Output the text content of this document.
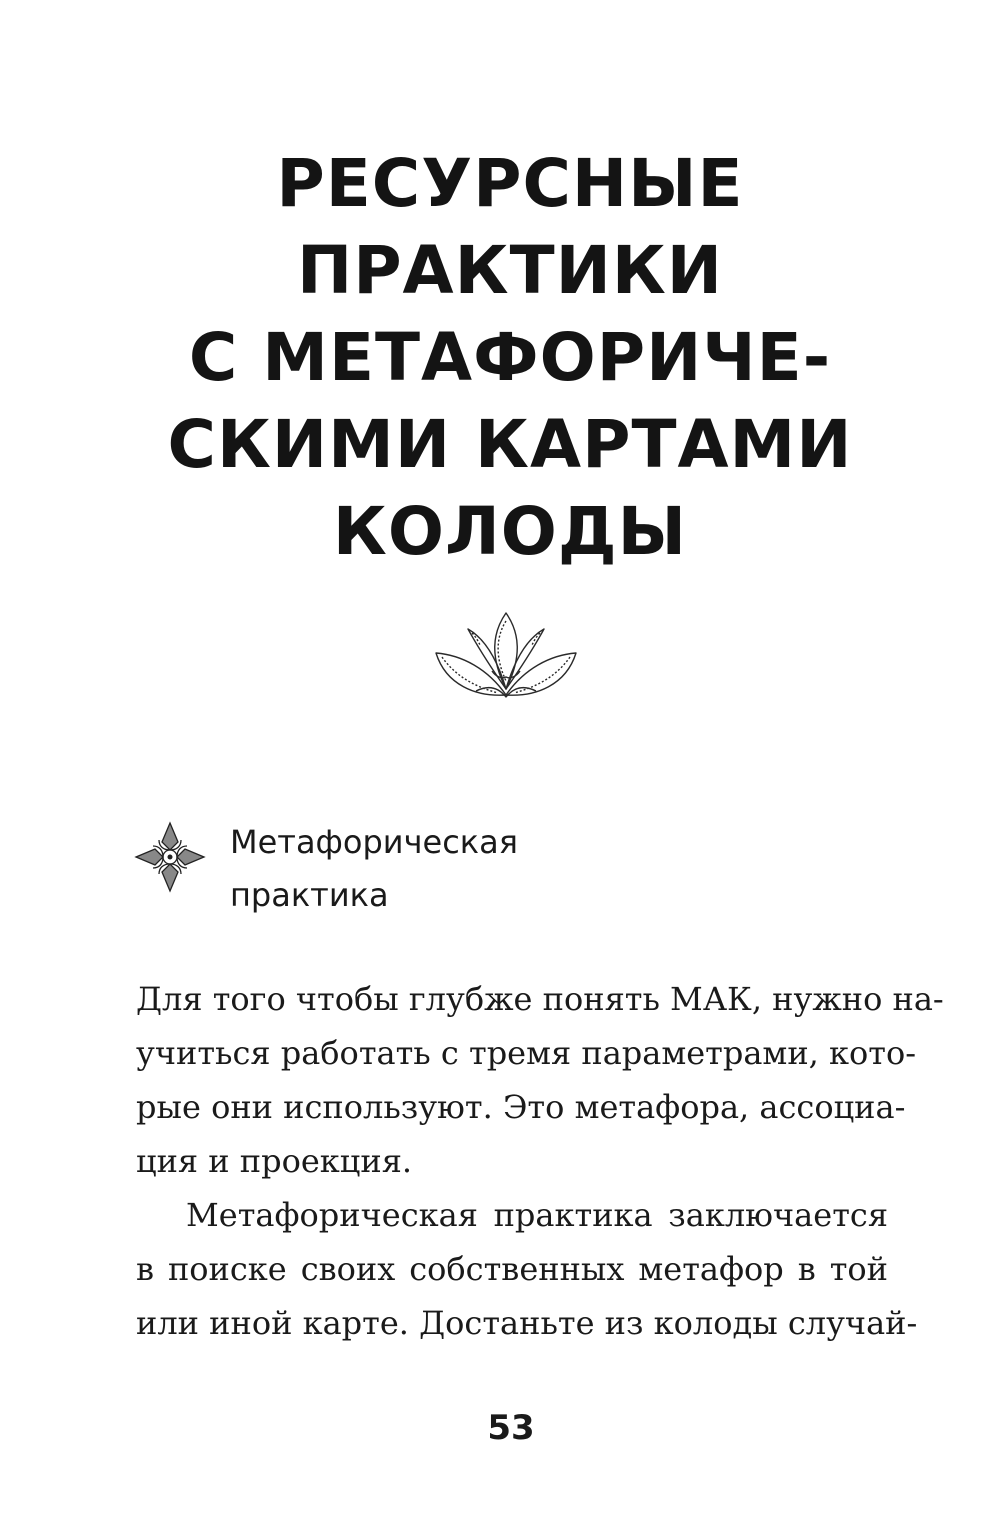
РЕСУРСНЫЕ
ПРАКТИКИ
С МЕТАФОРИЧЕ-
СКИМИ КАРТАМИ
КОЛОДЫ
Метафорическая
практика
Для того чтобы глубже понять МАК, нужно на-
учиться работать с тремя параметрами, кото-
рые они используют. Это метафора, ассоциа-
ция и проекция.
Метафорическая практика заключается
в поиске своих собственных метафор в той
или иной карте. Достаньте из колоды случай-
53
